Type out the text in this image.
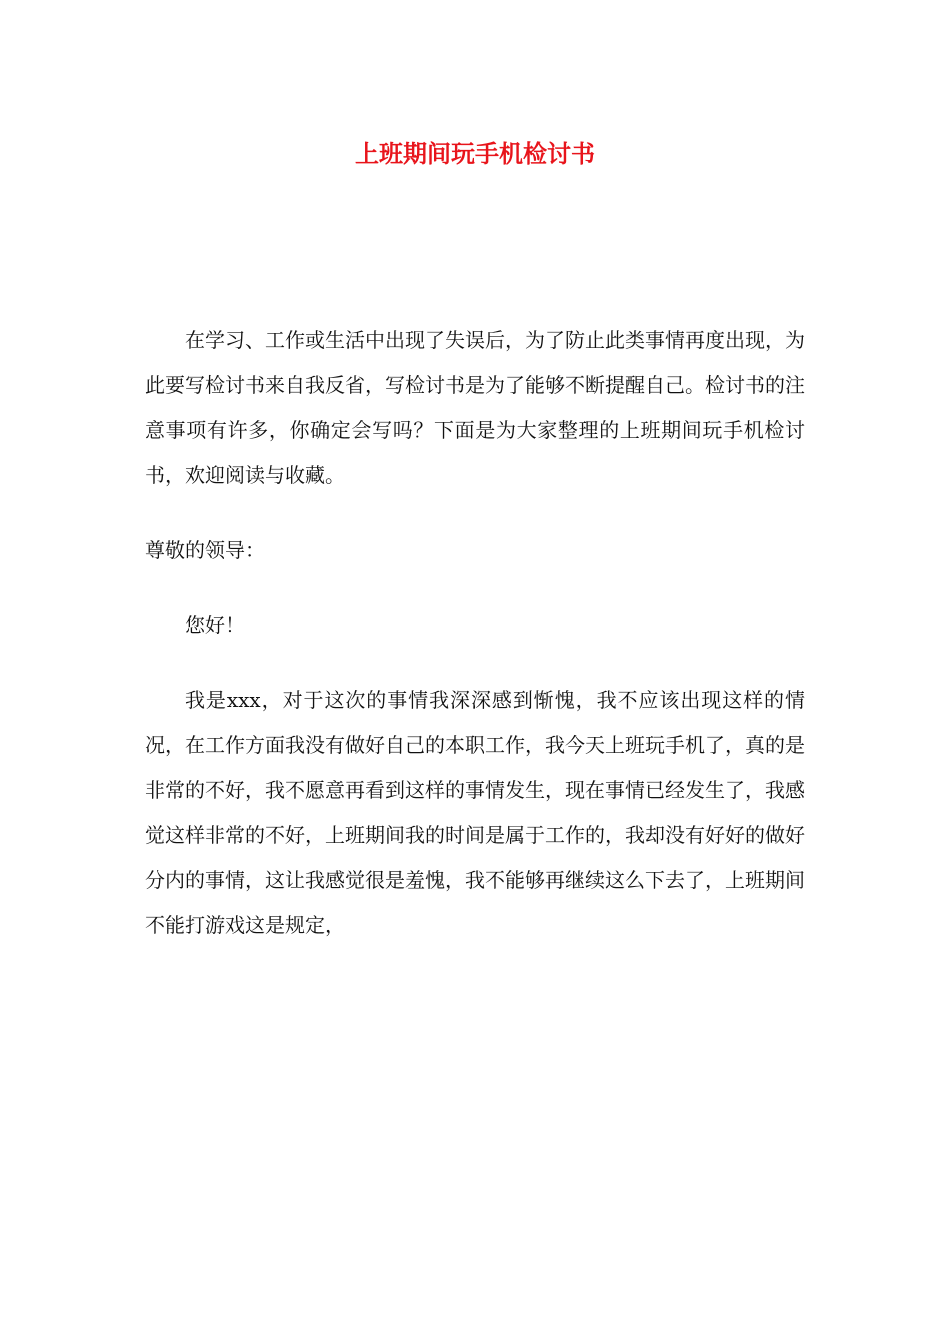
上班期间玩手机检讨书

在学习、工作或生活中出现了失误后，为了防止此类事情再度出现，为此要写检讨书来自我反省，写检讨书是为了能够不断提醒自己。检讨书的注意事项有许多，你确定会写吗？下面是为大家整理的上班期间玩手机检讨书，欢迎阅读与收藏。

尊敬的领导：

您好！

我是xxx，对于这次的事情我深深感到惭愧，我不应该出现这样的情况，在工作方面我没有做好自己的本职工作，我今天上班玩手机了，真的是非常的不好，我不愿意再看到这样的事情发生，现在事情已经发生了，我感觉这样非常的不好，上班期间我的时间是属于工作的，我却没有好好的做好分内的事情，这让我感觉很是羞愧，我不能够再继续这么下去了，上班期间不能打游戏这是规定，
